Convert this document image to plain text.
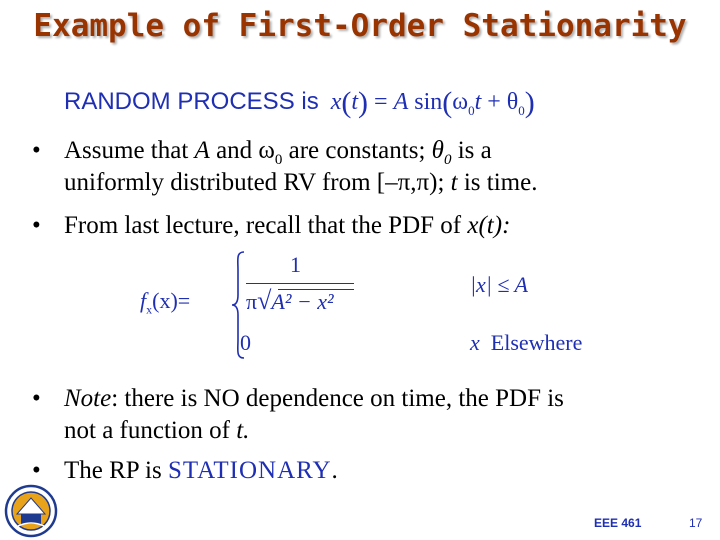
Example of First-Order Stationarity
RANDOM PROCESS is x(t) = A $\sin(\omega_0t + \theta_0)$
• Assume that A and $\omega_0$ are constants; $\theta_0$ is a
uniformly distributed RV from [–π,π); t is time.
• From last lecture, recall that the PDF of x(t):
$f_x(x)=$
1
π√A² − x²
|x| ≤ A
0	x Elsewhere
• Note: there is NO dependence on time, the PDF is
not a function of t.
• The RP is STATIONARY.
EEE 461	17
